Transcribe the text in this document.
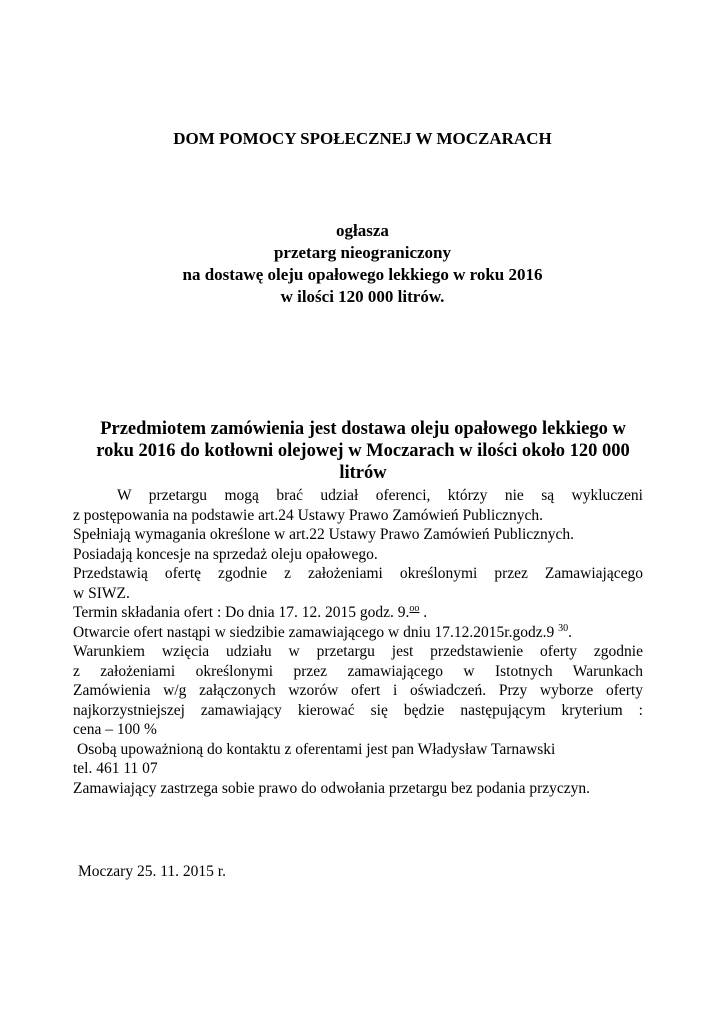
DOM POMOCY SPOŁECZNEJ W MOCZARACH
ogłasza
przetarg nieograniczony
na dostawę oleju opałowego lekkiego w roku 2016
w ilości 120 000 litrów.
Przedmiotem zamówienia jest dostawa oleju opałowego lekkiego w
roku 2016 do kotłowni olejowej w Moczarach w ilości około 120 000
litrów
W przetargu mogą brać udział oferenci, którzy nie są wykluczeni
z postępowania na podstawie art.24 Ustawy Prawo Zamówień Publicznych.
Spełniają wymagania określone w art.22 Ustawy Prawo Zamówień Publicznych.
Posiadają koncesje na sprzedaż oleju opałowego.
Przedstawią ofertę zgodnie z założeniami określonymi przez Zamawiającego
w SIWZ.
Termin składania ofert : Do dnia 17. 12. 2015 godz. 9.$^{oo}$ .
Otwarcie ofert nastąpi w siedzibie zamawiającego w dniu 17.12.2015r.godz.9 $^{30}$.
Warunkiem wzięcia udziału w przetargu jest przedstawienie oferty zgodnie
z założeniami określonymi przez zamawiającego w Istotnych Warunkach
Zamówienia w/g załączonych wzorów ofert i oświadczeń. Przy wyborze oferty
najkorzystniejszej zamawiający kierować się będzie następującym kryterium :
cena – 100 %
Osobą upoważnioną do kontaktu z oferentami jest pan Władysław Tarnawski
tel. 461 11 07
Zamawiający zastrzega sobie prawo do odwołania przetargu bez podania przyczyn.
Moczary 25. 11. 2015 r.
